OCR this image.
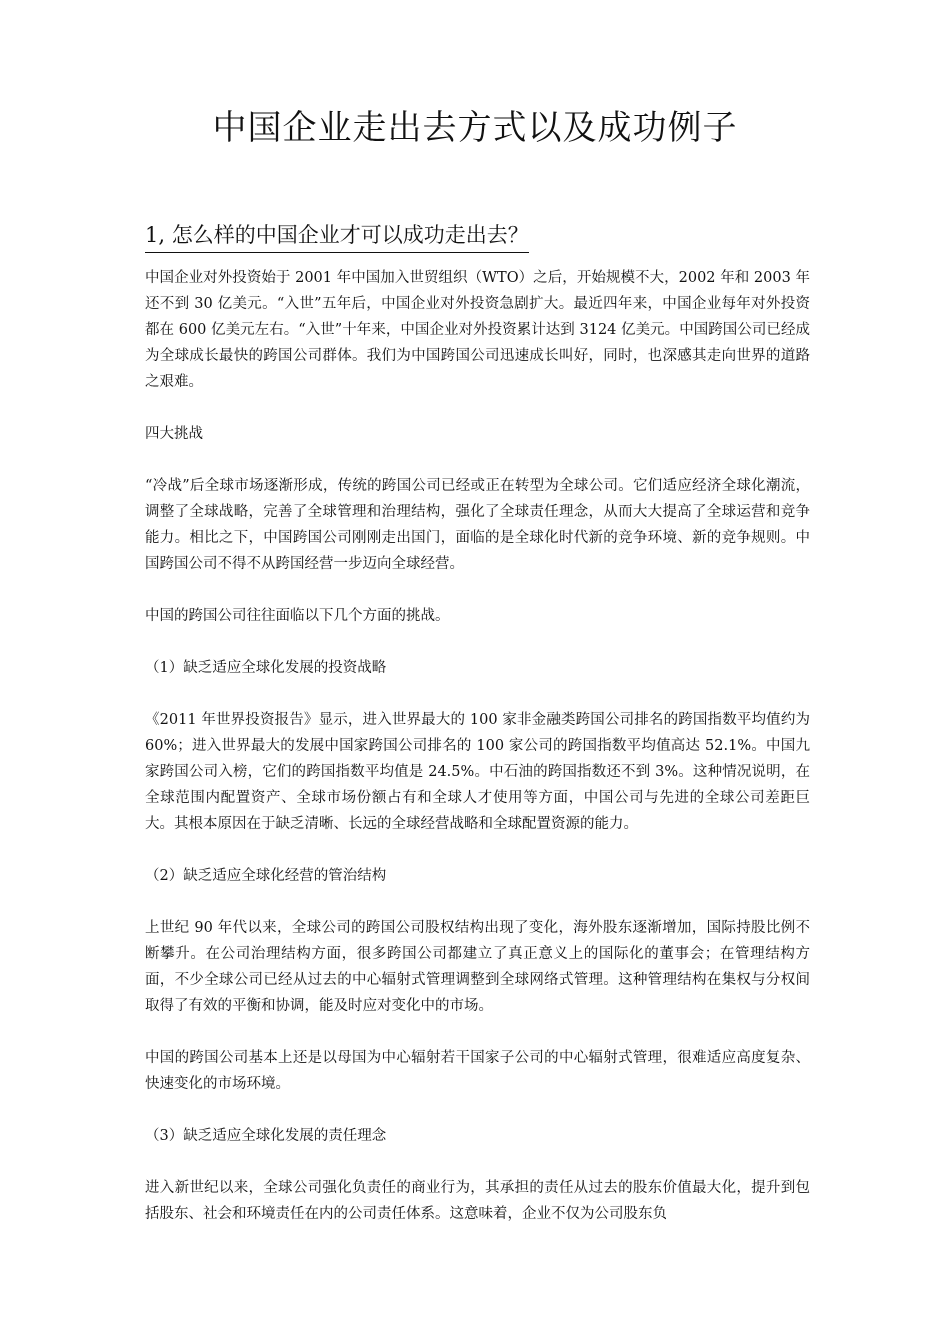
中国企业走出去方式以及成功例子
1, 怎么样的中国企业才可以成功走出去？

中国企业对外投资始于 2001 年中国加入世贸组织（WTO）之后，开始规模不大，2002 年和 2003 年还不到 30 亿美元。“入世”五年后，中国企业对外投资急剧扩大。最近四年来，中国企业每年对外投资都在 600 亿美元左右。“入世”十年来，中国企业对外投资累计达到 3124 亿美元。中国跨国公司已经成为全球成长最快的跨国公司群体。我们为中国跨国公司迅速成长叫好，同时，也深感其走向世界的道路之艰难。

四大挑战

“冷战”后全球市场逐渐形成，传统的跨国公司已经或正在转型为全球公司。它们适应经济全球化潮流，调整了全球战略，完善了全球管理和治理结构，强化了全球责任理念，从而大大提高了全球运营和竞争能力。相比之下，中国跨国公司刚刚走出国门，面临的是全球化时代新的竞争环境、新的竞争规则。中国跨国公司不得不从跨国经营一步迈向全球经营。

中国的跨国公司往往面临以下几个方面的挑战。

（1）缺乏适应全球化发展的投资战略

《2011 年世界投资报告》显示，进入世界最大的 100 家非金融类跨国公司排名的跨国指数平均值约为 60%；进入世界最大的发展中国家跨国公司排名的 100 家公司的跨国指数平均值高达 52.1%。中国九家跨国公司入榜，它们的跨国指数平均值是 24.5%。中石油的跨国指数还不到 3%。这种情况说明，在全球范围内配置资产、全球市场份额占有和全球人才使用等方面，中国公司与先进的全球公司差距巨大。其根本原因在于缺乏清晰、长远的全球经营战略和全球配置资源的能力。

（2）缺乏适应全球化经营的管治结构

上世纪 90 年代以来，全球公司的跨国公司股权结构出现了变化，海外股东逐渐增加，国际持股比例不断攀升。在公司治理结构方面，很多跨国公司都建立了真正意义上的国际化的董事会；在管理结构方面，不少全球公司已经从过去的中心辐射式管理调整到全球网络式管理。这种管理结构在集权与分权间取得了有效的平衡和协调，能及时应对变化中的市场。

中国的跨国公司基本上还是以母国为中心辐射若干国家子公司的中心辐射式管理，很难适应高度复杂、快速变化的市场环境。

（3）缺乏适应全球化发展的责任理念

进入新世纪以来，全球公司强化负责任的商业行为，其承担的责任从过去的股东价值最大化，提升到包括股东、社会和环境责任在内的公司责任体系。这意味着，企业不仅为公司股东负
